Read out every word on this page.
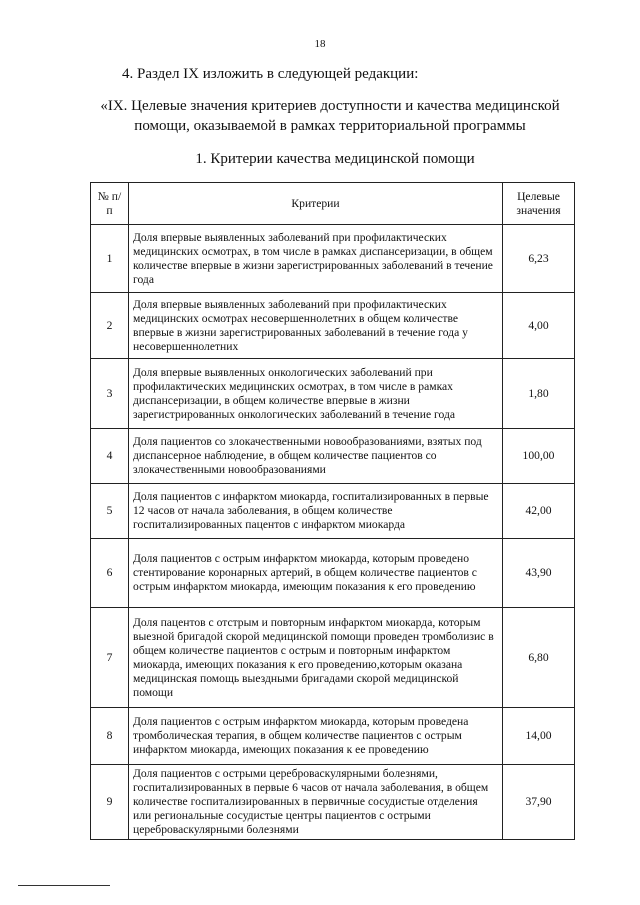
18
4. Раздел IX изложить в следующей редакции:
«IX. Целевые значения критериев доступности и качества медицинской помощи, оказываемой в рамках территориальной программы
1. Критерии качества медицинской помощи
№ п/п	Критерии	Целевые значения
1	Доля впервые выявленных заболеваний при профилактических медицинских осмотрах, в том числе в рамках диспансеризации, в общем количестве впервые в жизни зарегистрированных заболеваний в течение года	6,23
2	Доля впервые выявленных заболеваний при профилактических медицинских осмотрах несовершеннолетних в общем количестве впервые в жизни зарегистрированных заболеваний в течение года у несовершеннолетних	4,00
3	Доля впервые выявленных онкологических заболеваний при профилактических медицинских осмотрах, в том числе в рамках диспансеризации, в общем количестве впервые в жизни зарегистрированных онкологических заболеваний в течение года	1,80
4	Доля пациентов со злокачественными новообразованиями, взятых под диспансерное наблюдение, в общем количестве пациентов со злокачественными новообразованиями	100,00
5	Доля пациентов с инфарктом миокарда, госпитализированных в первые 12 часов от начала заболевания, в общем количестве госпитализированных пацентов с инфарктом миокарда	42,00
6	Доля пациентов с острым инфарктом миокарда, которым проведено стентирование коронарных артерий, в общем количестве пациентов с острым инфарктом миокарда, имеющим показания к его проведению	43,90
7	Доля пацентов с отстрым и повторным инфарктом миокарда, которым выезной бригадой скорой медицинской помощи проведен тромболизис в общем количестве пациентов с острым и повторным инфарктом миокарда, имеющих показания к его проведению,которым оказана медицинская помощь выездными бригадами скорой медицинской помощи	6,80
8	Доля пациентов с острым инфарктом миокарда, которым проведена тромболическая терапия, в общем количестве пациентов с острым инфарктом миокарда, имеющих показания к ее проведению	14,00
9	Доля пациентов с острыми цереброваскулярными болезнями, госпитализированных в первые 6 часов от начала заболевания, в общем количестве госпитализированных в первичные сосудистые отделения или региональные сосудистые центры пациентов с острыми цереброваскулярными болезнями	37,90
